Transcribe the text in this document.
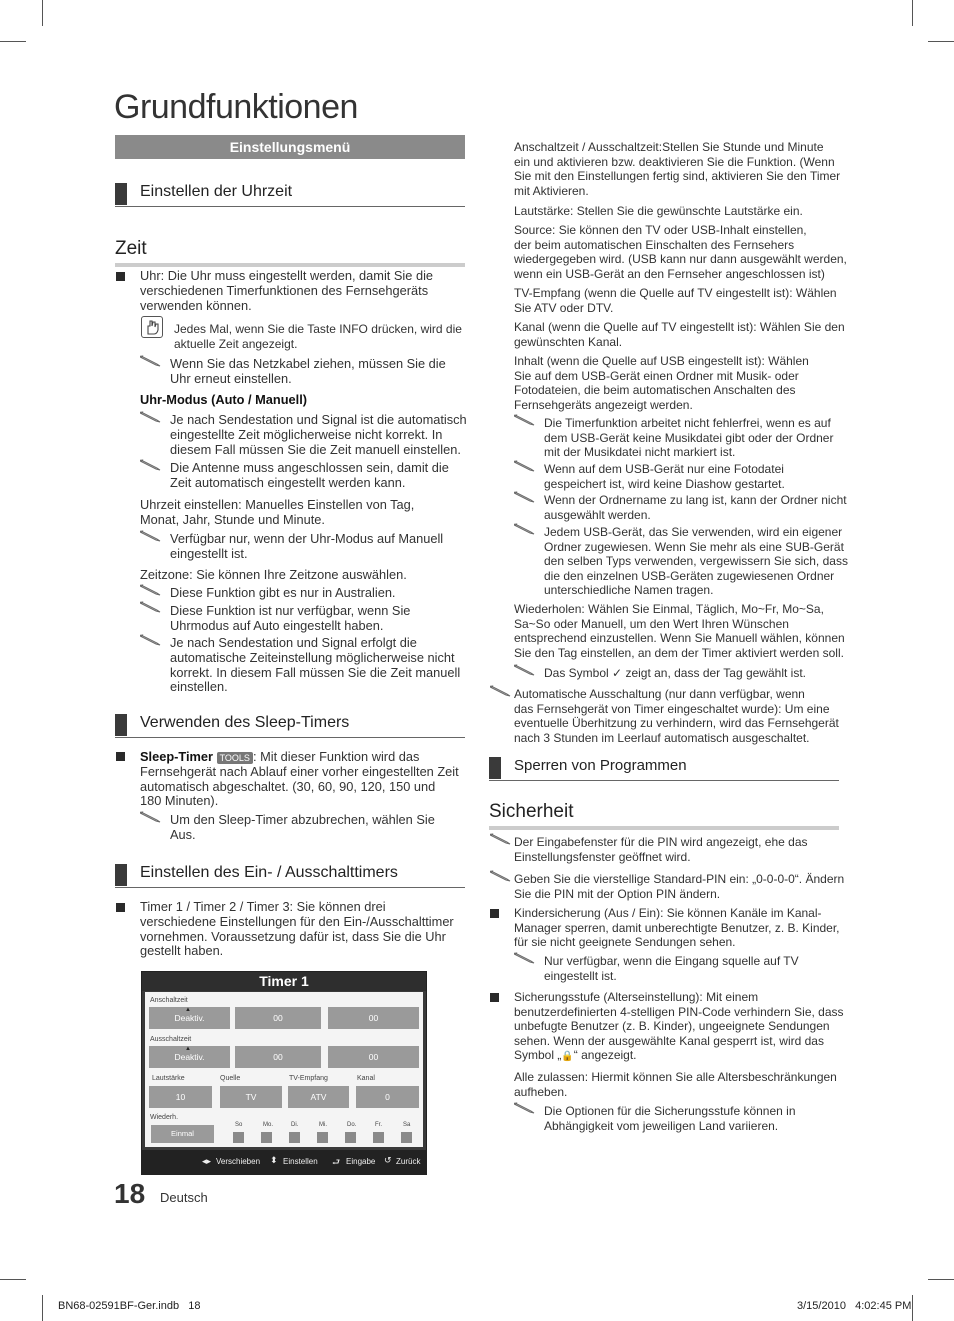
Grundfunktionen
Einstellungsmenü
Einstellen der Uhrzeit
Zeit
Uhr: Die Uhr muss eingestellt werden, damit Sie die
verschiedenen Timerfunktionen des Fernsehgeräts
verwenden können.
Jedes Mal, wenn Sie die Taste INFO drücken, wird die
aktuelle Zeit angezeigt.
Wenn Sie das Netzkabel ziehen, müssen Sie die
Uhr erneut einstellen.
Uhr-Modus (Auto / Manuell)
Je nach Sendestation und Signal ist die automatisch
eingestellte Zeit möglicherweise nicht korrekt. In
diesem Fall müssen Sie die Zeit manuell einstellen.
Die Antenne muss angeschlossen sein, damit die
Zeit automatisch eingestellt werden kann.
Uhrzeit einstellen: Manuelles Einstellen von Tag,
Monat, Jahr, Stunde und Minute.
Verfügbar nur, wenn der Uhr-Modus auf Manuell
eingestellt ist.
Zeitzone: Sie können Ihre Zeitzone auswählen.
Diese Funktion gibt es nur in Australien.
Diese Funktion ist nur verfügbar, wenn Sie
Uhrmodus auf Auto eingestellt haben.
Je nach Sendestation und Signal erfolgt die
automatische Zeiteinstellung möglicherweise nicht
korrekt. In diesem Fall müssen Sie die Zeit manuell
einstellen.
Verwenden des Sleep-Timers
Sleep-Timer TOOLS : Mit dieser Funktion wird das
Fernsehgerät nach Ablauf einer vorher eingestellten Zeit
automatisch abgeschaltet. (30, 60, 90, 120, 150 und
180 Minuten).
Um den Sleep-Timer abzubrechen, wählen Sie
Aus.
Einstellen des Ein- / Ausschalttimers
Timer 1 / Timer 2 / Timer 3: Sie können drei
verschiedene Einstellungen für den Ein-/Ausschalttimer
vornehmen. Voraussetzung dafür ist, dass Sie die Uhr
gestellt haben.
Timer 1
Anschaltzeit
▲
Deaktiv.	00	00
Ausschaltzeit
▲
Deaktiv.	00	00
Lautstärke	Quelle	TV-Empfang	Kanal
10	TV	ATV	0
Wiederh.
Einmal
So	Mo.	Di.	Mi.	Do.	Fr.	Sa
◂▸ Verschieben ⬍ Einstellen ⮐ Eingabe ↺ Zurück
18 Deutsch
BN68-02591BF-Ger.indb   18	3/15/2010   4:02:45 PM
Anschaltzeit / Ausschaltzeit:Stellen Sie Stunde und Minute
ein und aktivieren bzw. deaktivieren Sie die Funktion. (Wenn
Sie mit den Einstellungen fertig sind, aktivieren Sie den Timer
mit Aktivieren.
Lautstärke: Stellen Sie die gewünschte Lautstärke ein.
Source: Sie können den TV oder USB-Inhalt einstellen,
der beim automatischen Einschalten des Fernsehers
wiedergegeben wird. (USB kann nur dann ausgewählt werden,
wenn ein USB-Gerät an den Fernseher angeschlossen ist)
TV-Empfang (wenn die Quelle auf TV eingestellt ist): Wählen
Sie ATV oder DTV.
Kanal (wenn die Quelle auf TV eingestellt ist): Wählen Sie den
gewünschten Kanal.
Inhalt (wenn die Quelle auf USB eingestellt ist): Wählen
Sie auf dem USB-Gerät einen Ordner mit Musik- oder
Fotodateien, die beim automatischen Anschalten des
Fernsehgeräts angezeigt werden.
Die Timerfunktion arbeitet nicht fehlerfrei, wenn es auf
dem USB-Gerät keine Musikdatei gibt oder der Ordner
mit der Musikdatei nicht markiert ist.
Wenn auf dem USB-Gerät nur eine Fotodatei
gespeichert ist, wird keine Diashow gestartet.
Wenn der Ordnername zu lang ist, kann der Ordner nicht
ausgewählt werden.
Jedem USB-Gerät, das Sie verwenden, wird ein eigener
Ordner zugewiesen. Wenn Sie mehr als eine SUB-Gerät
den selben Typs verwenden, vergewissern Sie sich, dass
die den einzelnen USB-Geräten zugewiesenen Ordner
unterschiedliche Namen tragen.
Wiederholen: Wählen Sie Einmal, Täglich, Mo~Fr, Mo~Sa,
Sa~So oder Manuell, um den Wert Ihren Wünschen
entsprechend einzustellen. Wenn Sie Manuell wählen, können
Sie den Tag einstellen, an dem der Timer aktiviert werden soll.
Das Symbol ✓ zeigt an, dass der Tag gewählt ist.
Automatische Ausschaltung (nur dann verfügbar, wenn
das Fernsehgerät von Timer eingeschaltet wurde): Um eine
eventuelle Überhitzung zu verhindern, wird das Fernsehgerät
nach 3 Stunden im Leerlauf automatisch ausgeschaltet.
Sperren von Programmen
Sicherheit
Der Eingabefenster für die PIN wird angezeigt, ehe das
Einstellungsfenster geöffnet wird.
Geben Sie die vierstellige Standard-PIN ein: „0-0-0-0“. Ändern
Sie die PIN mit der Option PIN ändern.
Kindersicherung (Aus / Ein): Sie können Kanäle im Kanal-
Manager sperren, damit unberechtigte Benutzer, z. B. Kinder,
für sie nicht geeignete Sendungen sehen.
Nur verfügbar, wenn die Eingang squelle auf TV
eingestellt ist.
Sicherungsstufe (Alterseinstellung): Mit einem
benutzerdefinierten 4-stelligen PIN-Code verhindern Sie, dass
unbefugte Benutzer (z. B. Kinder), ungeeignete Sendungen
sehen. Wenn der ausgewählte Kanal gesperrt ist, wird das
Symbol „🔒“ angezeigt.
Alle zulassen: Hiermit können Sie alle Altersbeschränkungen
aufheben.
Die Optionen für die Sicherungsstufe können in
Abhängigkeit vom jeweiligen Land variieren.
